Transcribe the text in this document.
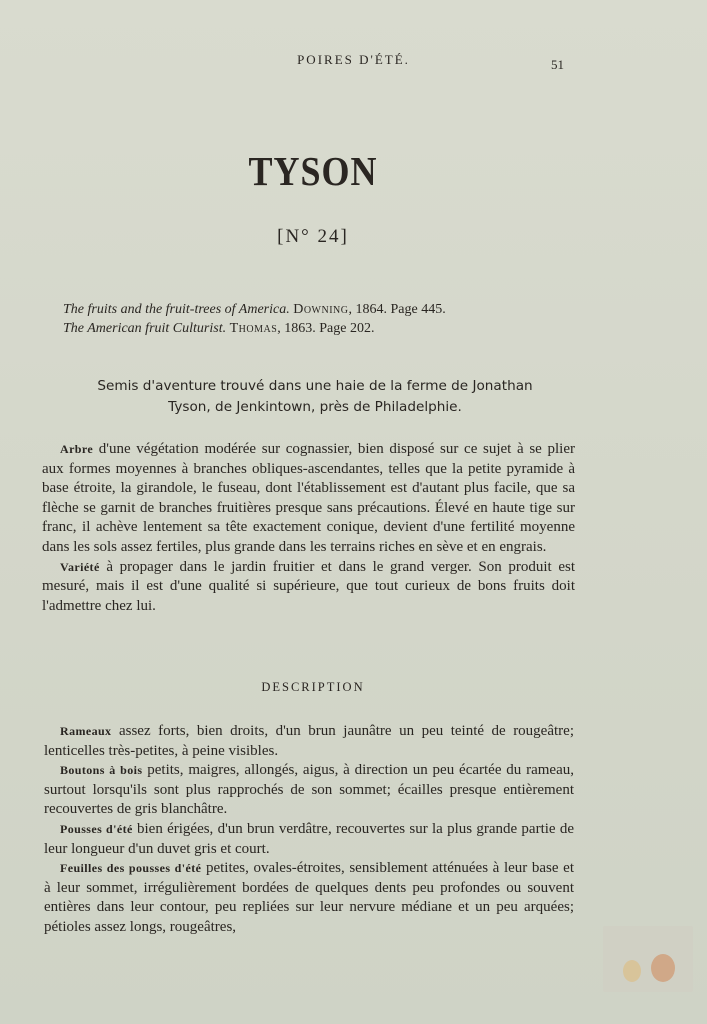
POIRES D'ÉTÉ.	51
TYSON
[N° 24]
The fruits and the fruit-trees of America. Downing, 1864. Page 445.
The American fruit Culturist. Thomas, 1863. Page 202.
Semis d'aventure trouvé dans une haie de la ferme de Jonathan
Tyson, de Jenkintown, près de Philadelphie.

Arbre d'une végétation modérée sur cognassier, bien disposé sur ce sujet à se plier aux formes moyennes à branches obliques-ascendantes, telles que la petite pyramide à base étroite, la girandole, le fuseau, dont l'établissement est d'autant plus facile, que sa flèche se garnit de branches fruitières presque sans précautions. Élevé en haute tige sur franc, il achève lentement sa tête exactement conique, devient d'une fertilité moyenne dans les sols assez fertiles, plus grande dans les terrains riches en sève et en engrais.

Variété à propager dans le jardin fruitier et dans le grand verger. Son produit est mesuré, mais il est d'une qualité si supérieure, que tout curieux de bons fruits doit l'admettre chez lui.

DESCRIPTION

Rameaux assez forts, bien droits, d'un brun jaunâtre un peu teinté de rougeâtre; lenticelles très-petites, à peine visibles.

Boutons à bois petits, maigres, allongés, aigus, à direction un peu écartée du rameau, surtout lorsqu'ils sont plus rapprochés de son sommet; écailles presque entièrement recouvertes de gris blanchâtre.

Pousses d'été bien érigées, d'un brun verdâtre, recouvertes sur la plus grande partie de leur longueur d'un duvet gris et court.

Feuilles des pousses d'été petites, ovales-étroites, sensiblement atténuées à leur base et à leur sommet, irrégulièrement bordées de quelques dents peu profondes ou souvent entières dans leur contour, peu repliées sur leur nervure médiane et un peu arquées; pétioles assez longs, rougeâtres,
